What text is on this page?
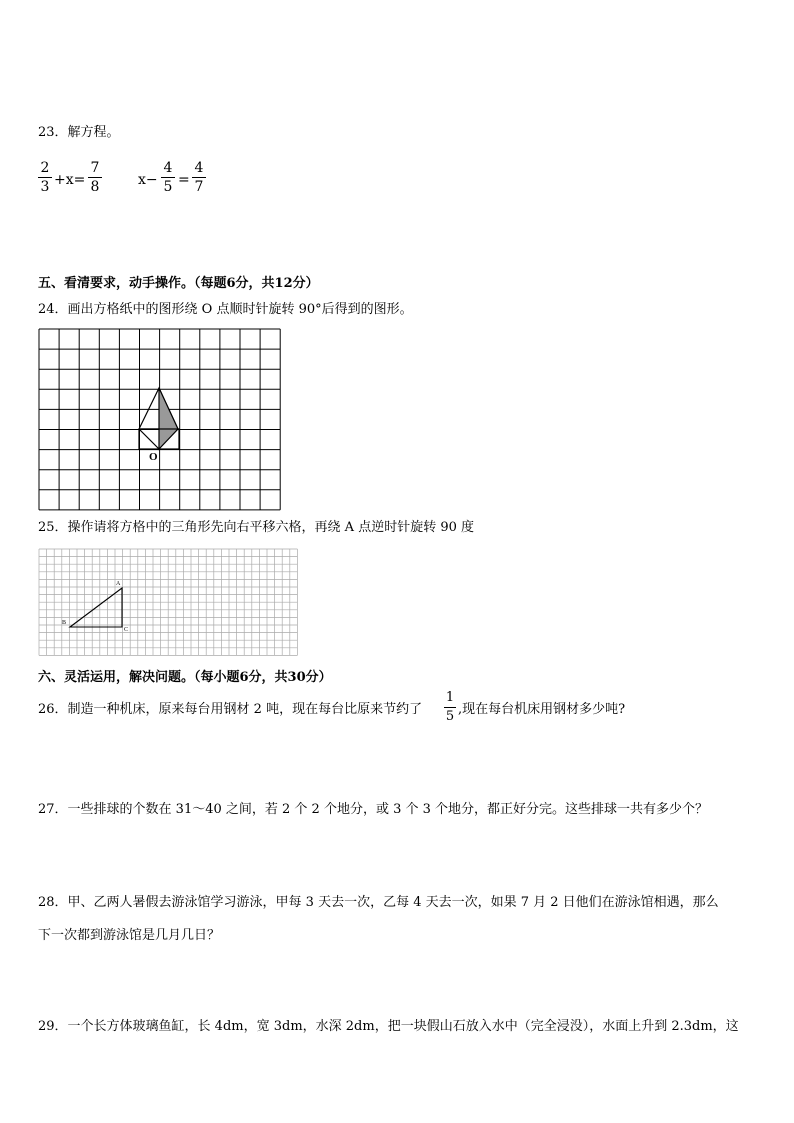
23．解方程。
2
3 +x=
7
8	x−
4
5 =
4
7
五、看清要求，动手操作。（每题6分，共12分）
24．画出方格纸中的图形绕 O 点顺时针旋转 90°后得到的图形。
O
25．操作请将方格中的三角形先向右平移六格，再绕 A 点逆时针旋转 90 度
A
B
C
六、灵活运用，解决问题。（每小题6分，共30分）
26．制造一种机床，原来每台用钢材 2 吨，现在每台比原来节约了
1
5 ,现在每台机床用钢材多少吨?
27．一些排球的个数在 31～40 之间，若 2 个 2 个地分，或 3 个 3 个地分，都正好分完。这些排球一共有多少个？
28．甲、乙两人暑假去游泳馆学习游泳，甲每 3 天去一次，乙每 4 天去一次，如果 7 月 2 日他们在游泳馆相遇，那么
下一次都到游泳馆是几月几日？
29．一个长方体玻璃鱼缸，长 4dm，宽 3dm，水深 2dm，把一块假山石放入水中（完全浸没），水面上升到 2.3dm，这
